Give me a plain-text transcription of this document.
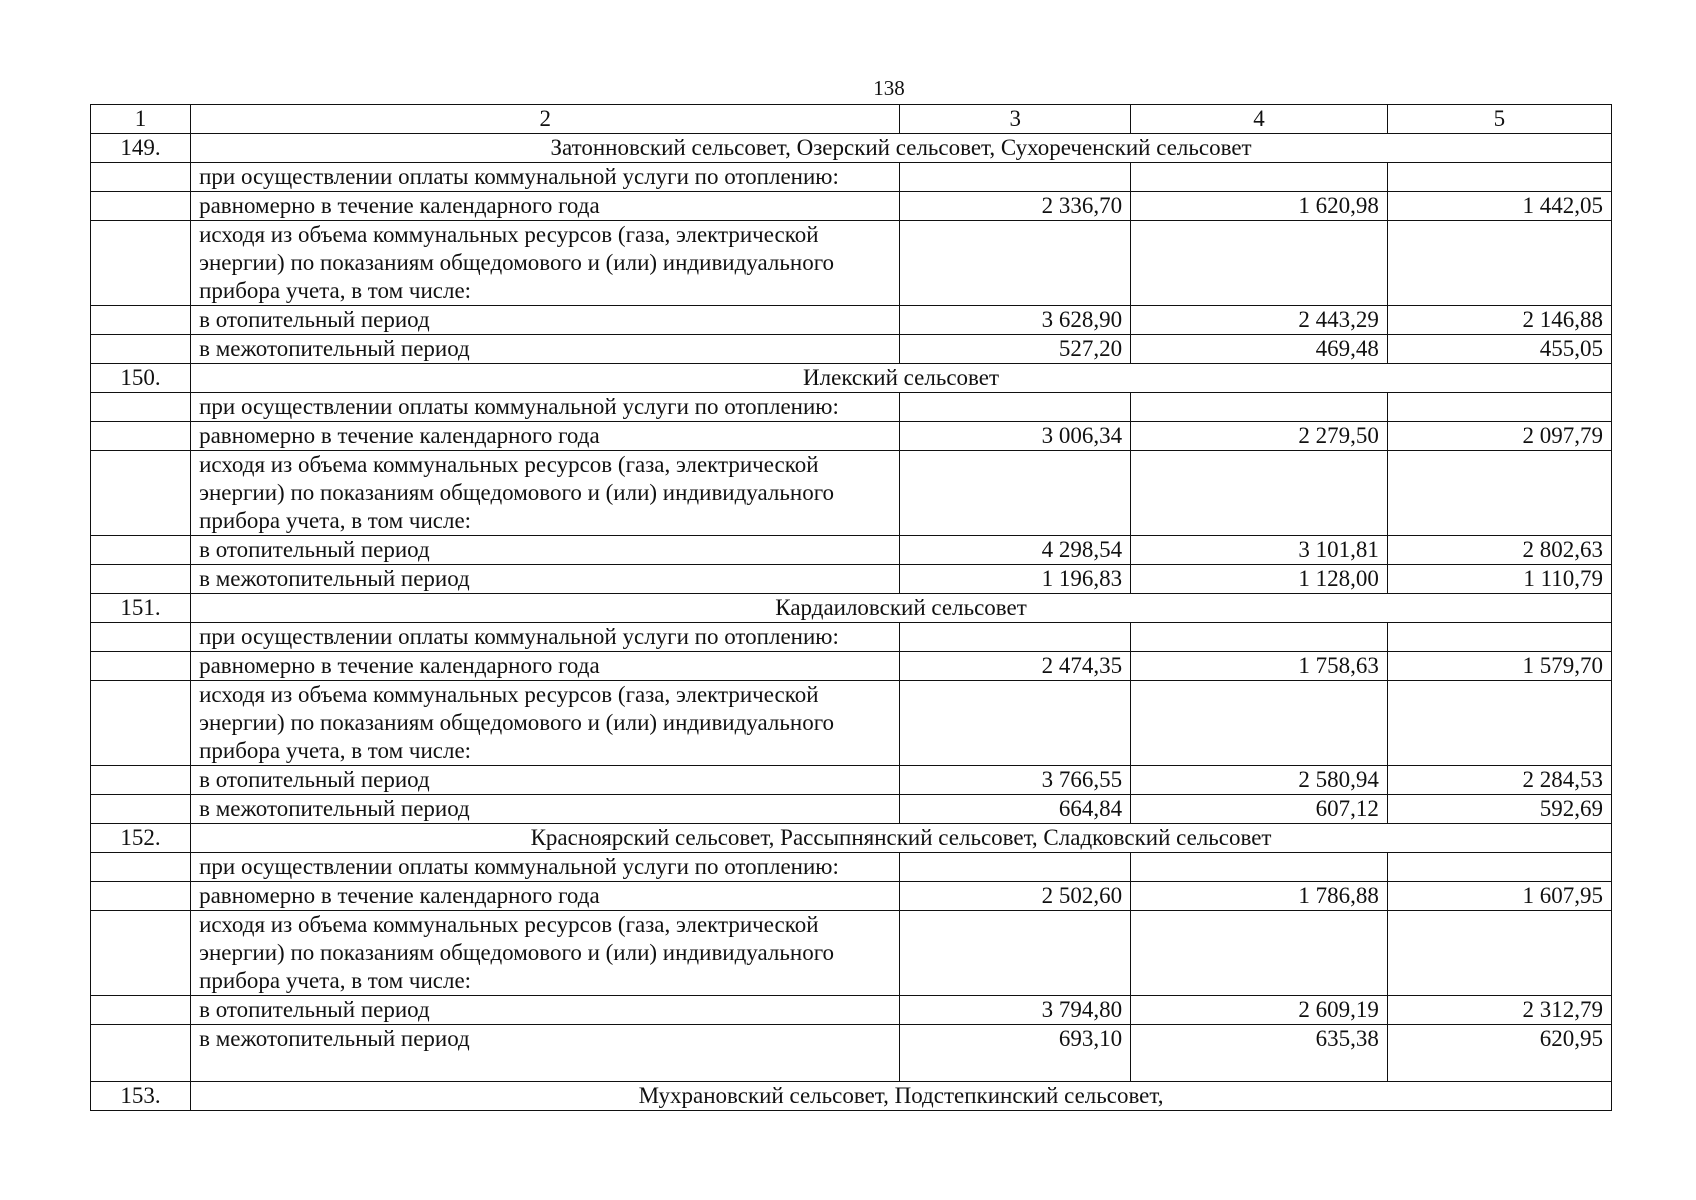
138
1	2	3	4	5
149.	Затонновский сельсовет, Озерский сельсовет, Сухореченский сельсовет			
	при осуществлении оплаты коммунальной услуги по отоплению:			
	равномерно в течение календарного года	2 336,70	1 620,98	1 442,05
	исходя из объема коммунальных ресурсов (газа, электрической энергии) по показаниям общедомового и (или) индивидуального прибора учета, в том числе:			
	в отопительный период	3 628,90	2 443,29	2 146,88
	в межотопительный период	527,20	469,48	455,05
150.	Илекский сельсовет			
	при осуществлении оплаты коммунальной услуги по отоплению:			
	равномерно в течение календарного года	3 006,34	2 279,50	2 097,79
	исходя из объема коммунальных ресурсов (газа, электрической энергии) по показаниям общедомового и (или) индивидуального прибора учета, в том числе:			
	в отопительный период	4 298,54	3 101,81	2 802,63
	в межотопительный период	1 196,83	1 128,00	1 110,79
151.	Кардаиловский сельсовет			
	при осуществлении оплаты коммунальной услуги по отоплению:			
	равномерно в течение календарного года	2 474,35	1 758,63	1 579,70
	исходя из объема коммунальных ресурсов (газа, электрической энергии) по показаниям общедомового и (или) индивидуального прибора учета, в том числе:			
	в отопительный период	3 766,55	2 580,94	2 284,53
	в межотопительный период	664,84	607,12	592,69
152.	Красноярский сельсовет, Рассыпнянский сельсовет, Сладковский сельсовет			
	при осуществлении оплаты коммунальной услуги по отоплению:			
	равномерно в течение календарного года	2 502,60	1 786,88	1 607,95
	исходя из объема коммунальных ресурсов (газа, электрической энергии) по показаниям общедомового и (или) индивидуального прибора учета, в том числе:			
	в отопительный период	3 794,80	2 609,19	2 312,79
	в межотопительный период	693,10	635,38	620,95
153.	Мухрановский сельсовет, Подстепкинский сельсовет,			
